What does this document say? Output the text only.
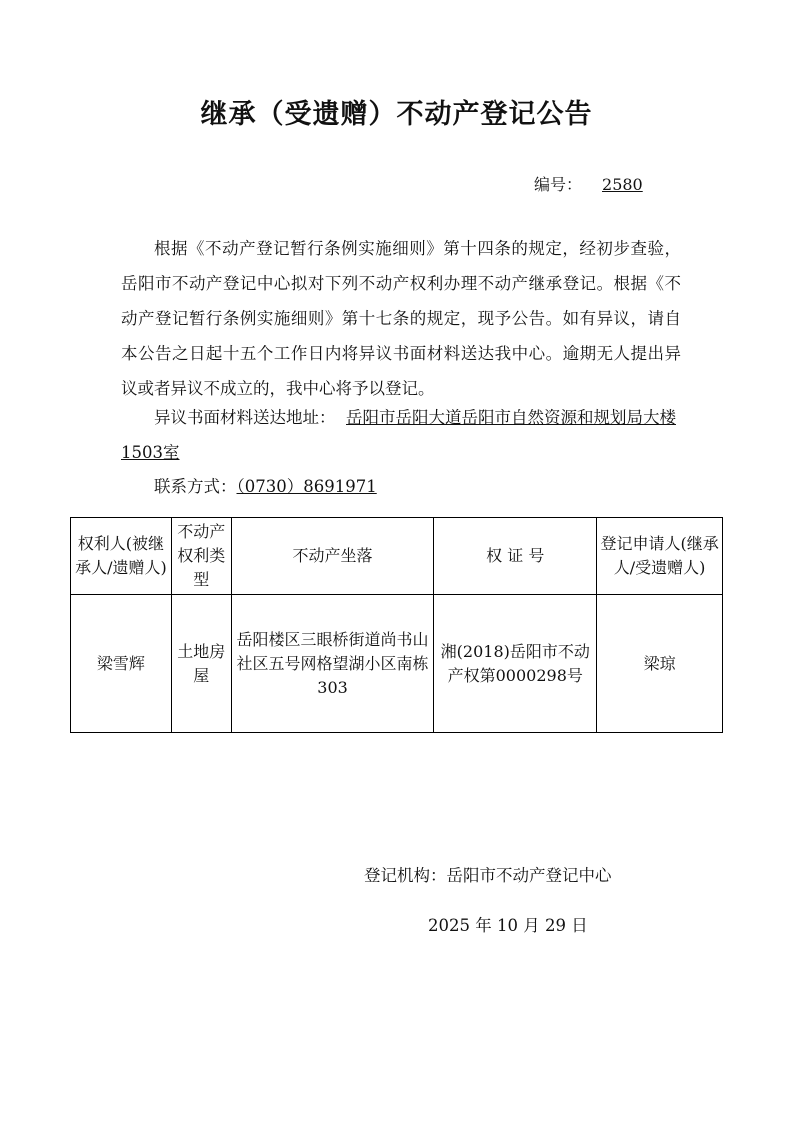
继承（受遗赠）不动产登记公告
编号： 2580

根据《不动产登记暂行条例实施细则》第十四条的规定，经初步查验，岳阳市不动产登记中心拟对下列不动产权利办理不动产继承登记。根据《不动产登记暂行条例实施细则》第十七条的规定，现予公告。如有异议，请自本公告之日起十五个工作日内将异议书面材料送达我中心。逾期无人提出异议或者异议不成立的，我中心将予以登记。

异议书面材料送达地址： 岳阳市岳阳大道岳阳市自然资源和规划局大楼1503室

联系方式：（0730）8691971

权利人(被继承人/遗赠人)	不动产权利类型	不动产坐落	权 证 号	登记申请人(继承人/受遗赠人)
梁雪辉	土地房屋	岳阳楼区三眼桥街道尚书山社区五号网格望湖小区南栋303	湘(2018)岳阳市不动产权第0000298号	梁琼
登记机构：岳阳市不动产登记中心
2025 年 10 月 29 日
